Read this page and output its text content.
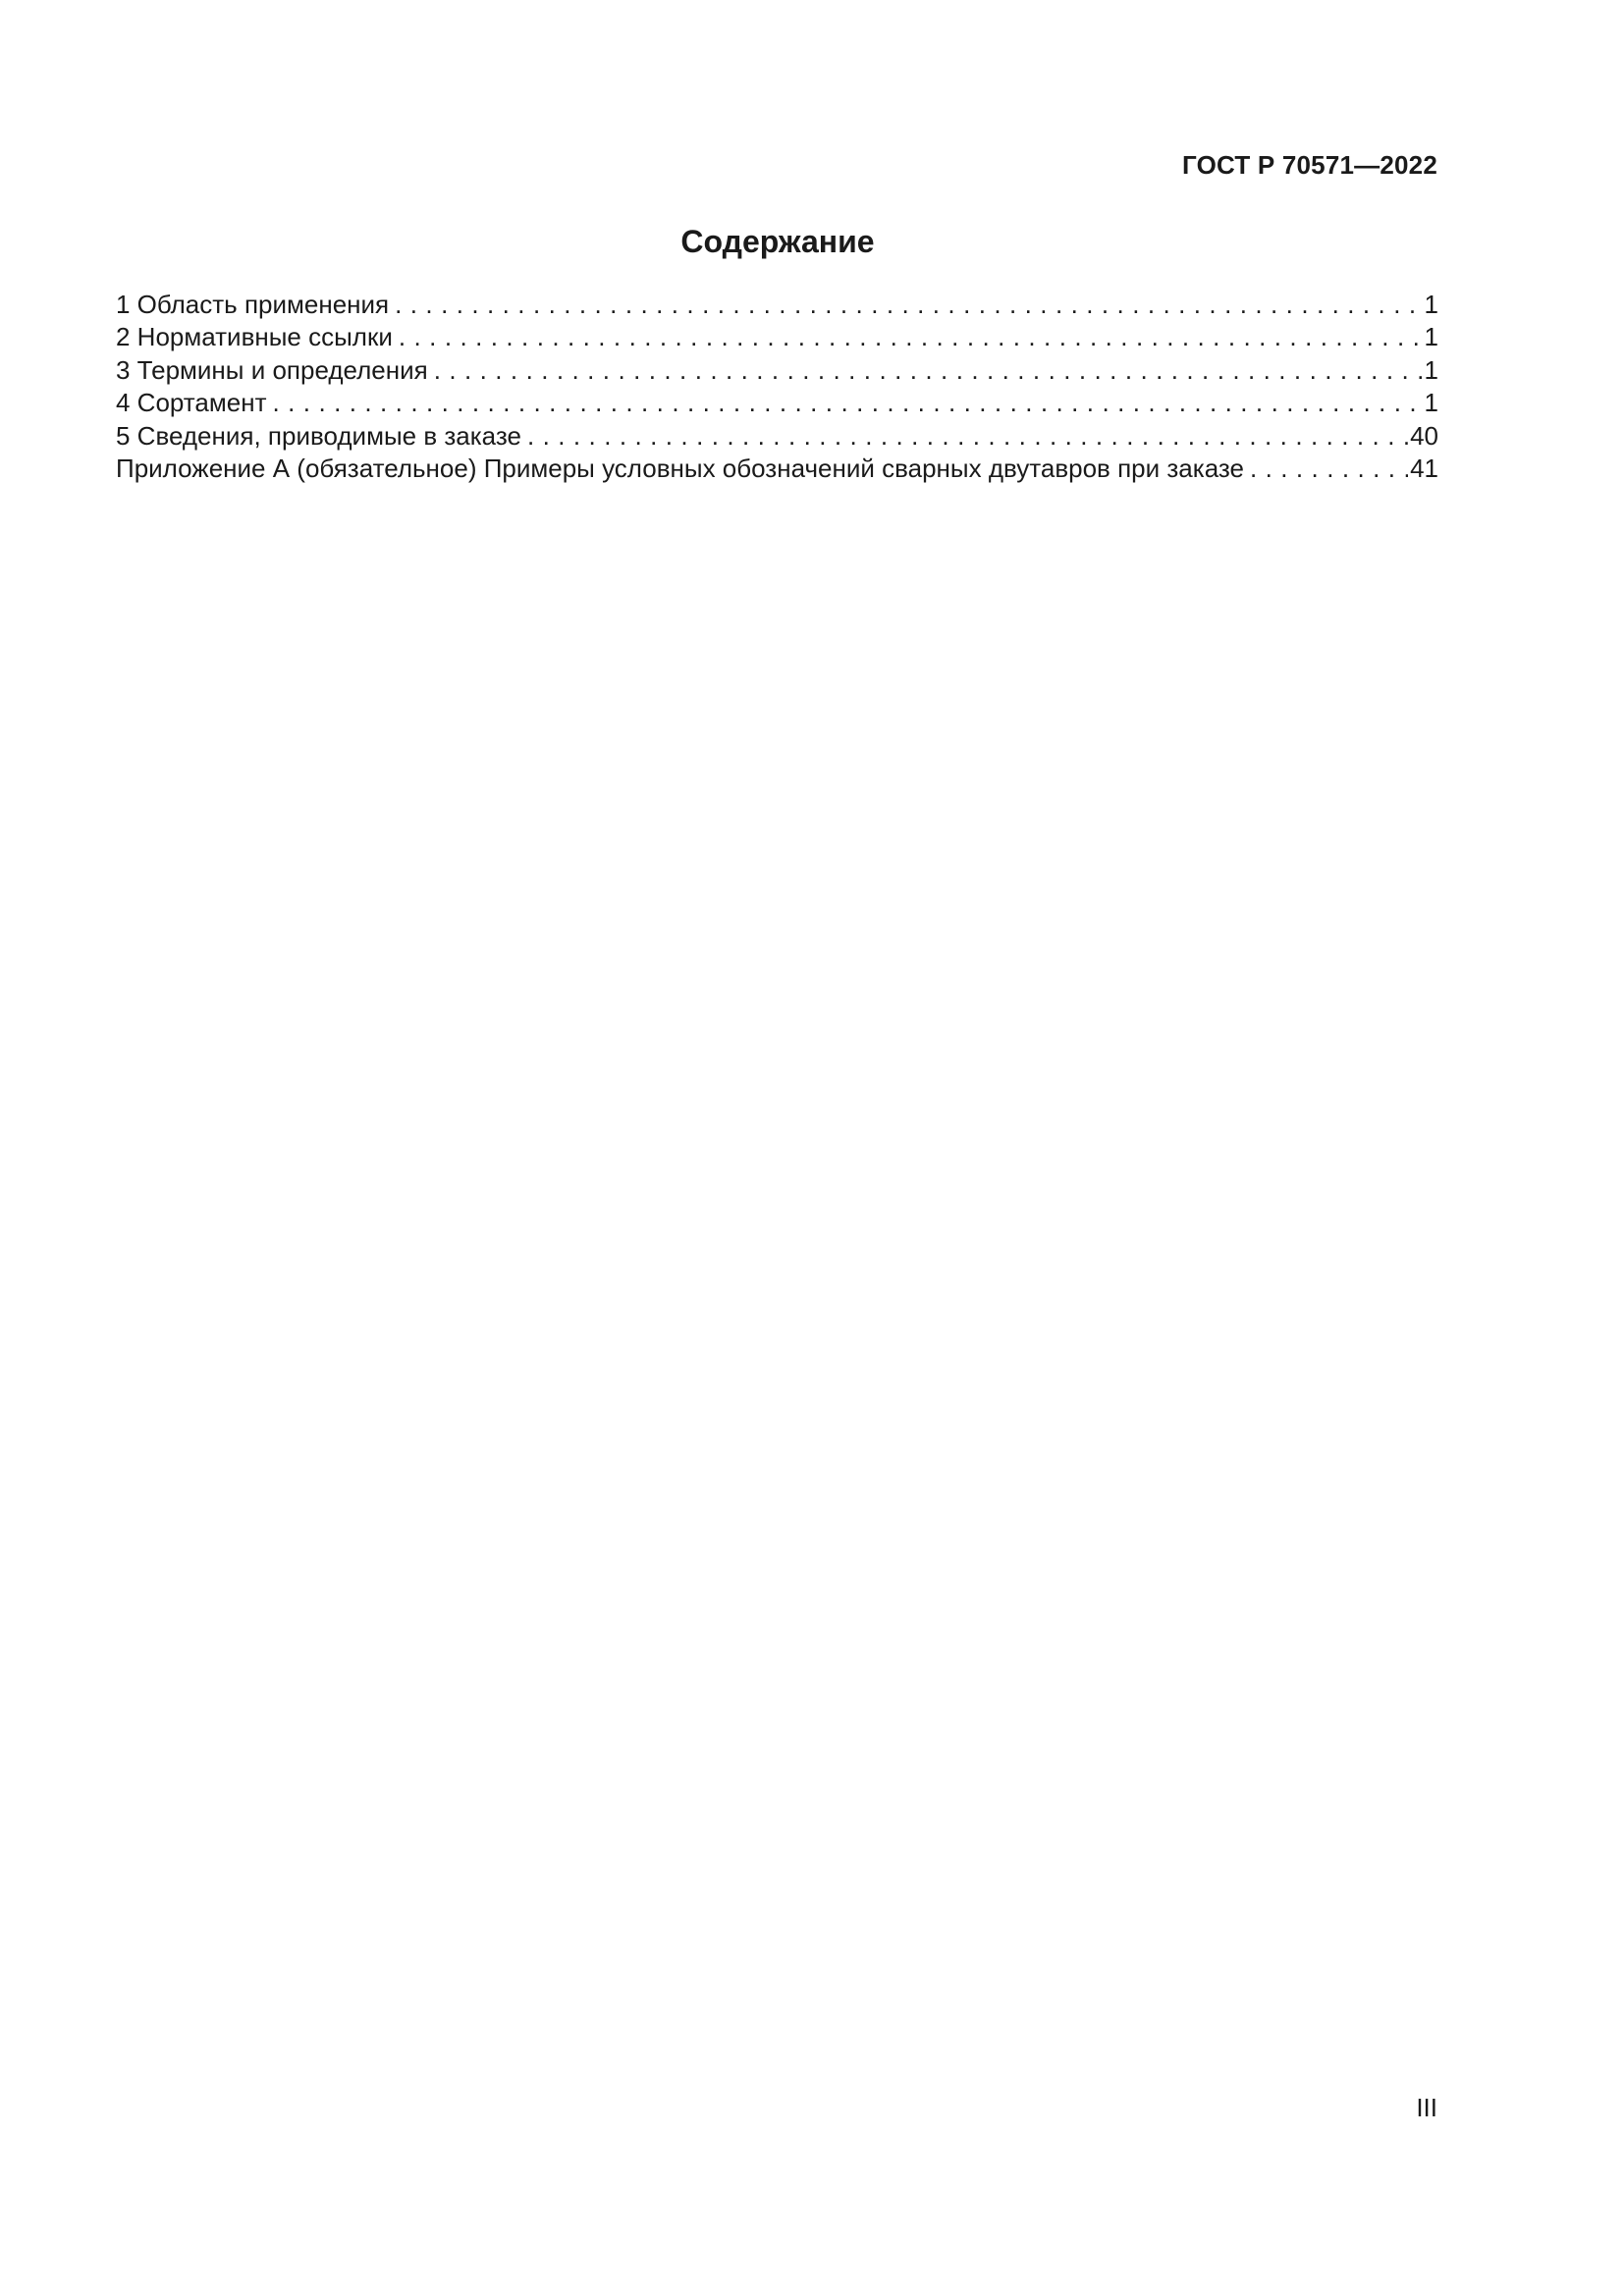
ГОСТ Р 70571—2022
Содержание
1 Область применения . . .	1
2 Нормативные ссылки . . .	1
3 Термины и определения . . .	1
4 Сортамент . . .	1
5 Сведения, приводимые в заказе . . .	40
Приложение А (обязательное) Примеры условных обозначений сварных двутавров при заказе . . .	41
III
